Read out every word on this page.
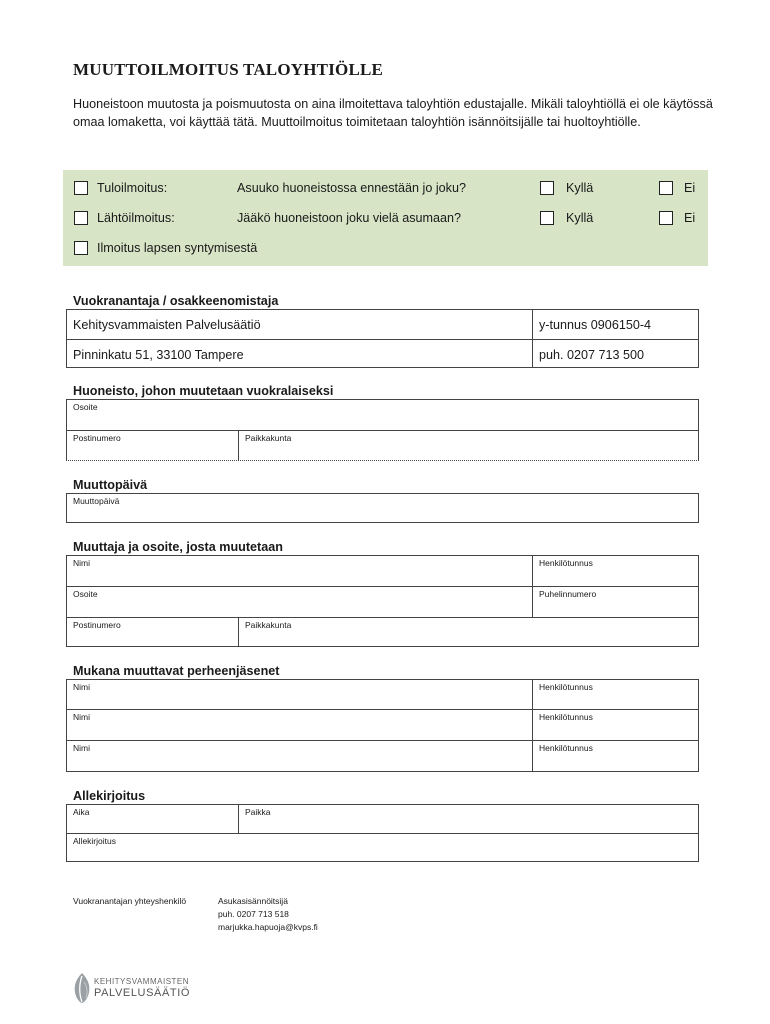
MUUTTOILMOITUS TALOYHTIÖLLE
Huoneistoon muutosta ja poismuutosta on aina ilmoitettava taloyhtiön edustajalle. Mikäli taloyhtiöllä ei ole käytössä omaa lomaketta, voi käyttää tätä. Muuttoilmoitus toimitetaan taloyhtiön isännöitsijälle tai huoltoyhtiölle.
Tuloilmoitus:	Asuuko huoneistossa ennestään jo joku?	Kyllä	Ei
Lähtöilmoitus:	Jääkö huoneistoon joku vielä asumaan?	Kyllä	Ei
Ilmoitus lapsen syntymisestä
Vuokranantaja / osakkeenomistaja
Kehitysvammaisten Palvelusäätiö	y-tunnus 0906150-4
Pinninkatu 51, 33100 Tampere	puh. 0207 713 500
Huoneisto, johon muutetaan vuokralaiseksi
Osoite
Postinumero	Paikkakunta
Muuttopäivä
Muuttopäivä
Muuttaja ja osoite, josta muutetaan
Nimi	Henkilötunnus
Osoite	Puhelinnumero
Postinumero	Paikkakunta
Mukana muuttavat perheenjäsenet
Nimi	Henkilötunnus
Nimi	Henkilötunnus
Nimi	Henkilötunnus
Allekirjoitus
Aika	Paikka
Allekirjoitus
Vuokranantajan yhteyshenkilö	Asukasisännöitsijä
puh. 0207 713 518
marjukka.hapuoja@kvps.fi
KEHITYSVAMMAISTEN
PALVELUSÄÄTIÖ
